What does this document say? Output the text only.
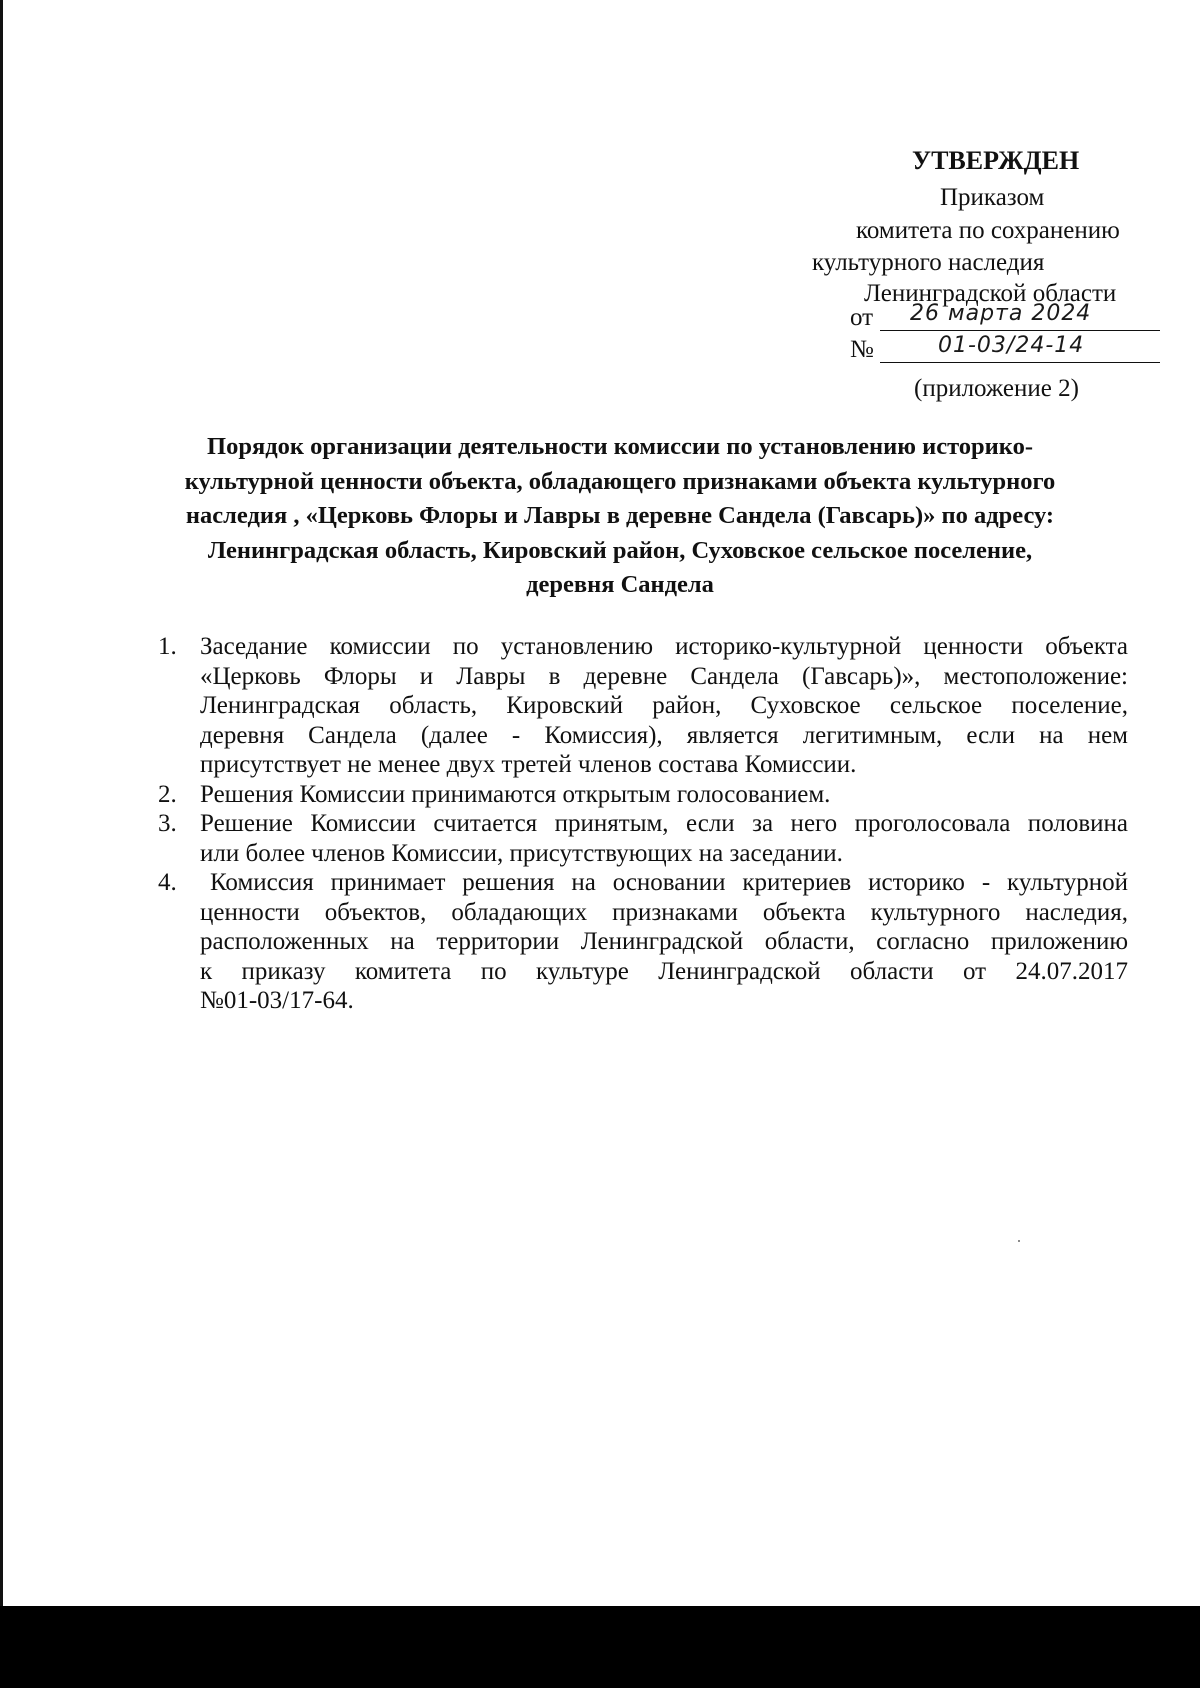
УТВЕРЖДЕН
Приказом
комитета по сохранению
культурного наследия
Ленинградской области
от 26 марта 2024
№	01-03/24-14
(приложение 2)
Порядок организации деятельности комиссии по установлению историко-
культурной ценности объекта, обладающего признаками объекта культурного
наследия , «Церковь Флоры и Лавры в деревне Сандела (Гавсарь)» по адресу:
Ленинградская область, Кировский район, Суховское сельское поселение,
деревня Сандела
1. Заседание комиссии по установлению историко-культурной ценности объекта
«Церковь Флоры и Лавры в деревне Сандела (Гавсарь)», местоположение:
Ленинградская область, Кировский район, Суховское сельское поселение,
деревня Сандела (далее - Комиссия), является легитимным, если на нем
присутствует не менее двух третей членов состава Комиссии.
2. Решения Комиссии принимаются открытым голосованием.
3. Решение Комиссии считается принятым, если за него проголосовала половина
или более членов Комиссии, присутствующих на заседании.
4.	Комиссия принимает решения на основании критериев историко - культурной
ценности объектов, обладающих признаками объекта культурного наследия,
расположенных на территории Ленинградской области, согласно приложению
к приказу комитета по культуре Ленинградской области от 24.07.2017
№01-03/17-64.
